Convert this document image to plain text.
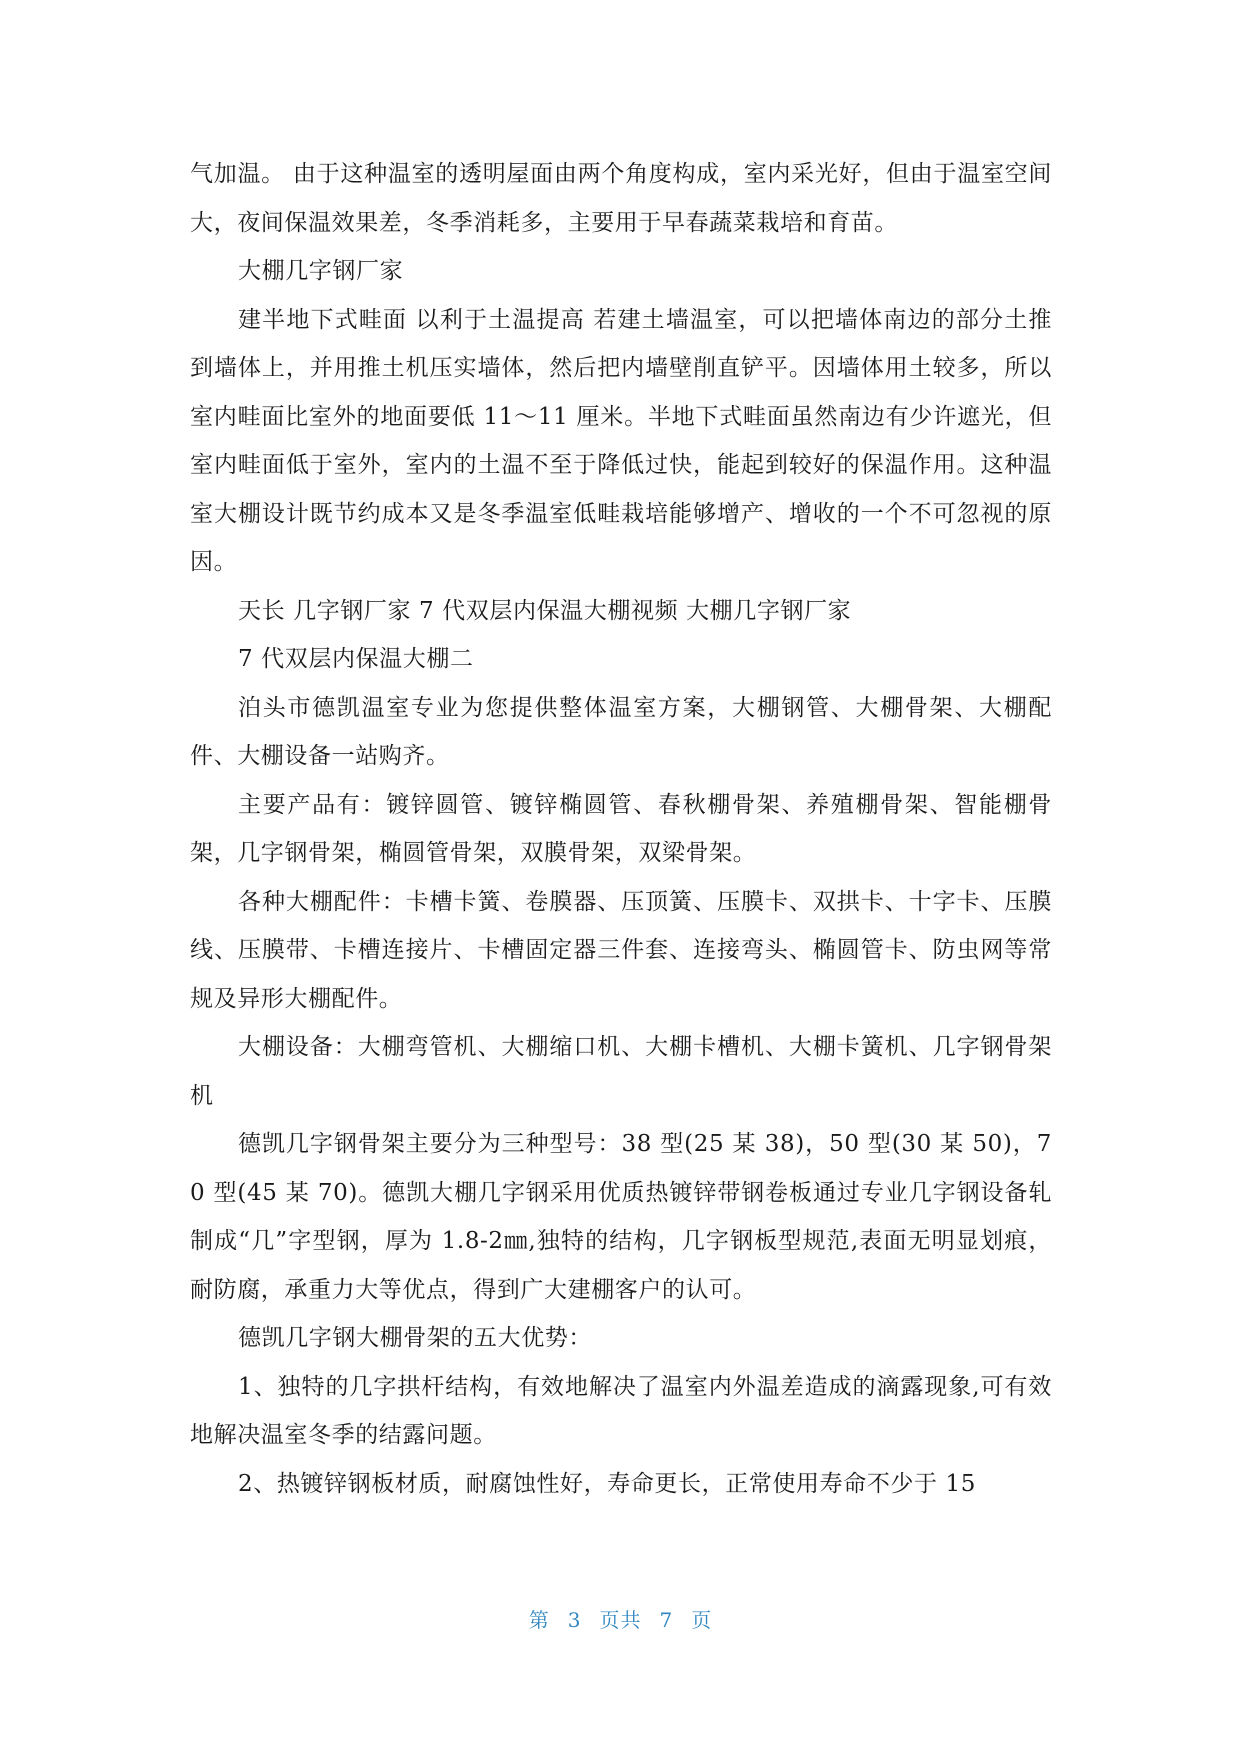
气加温。 由于这种温室的透明屋面由两个角度构成，室内采光好，但由于温室空间大，夜间保温效果差，冬季消耗多，主要用于早春蔬菜栽培和育苗。

大棚几字钢厂家

建半地下式畦面 以利于土温提高 若建土墙温室，可以把墙体南边的部分土推到墙体上，并用推土机压实墙体，然后把内墙壁削直铲平。因墙体用土较多，所以室内畦面比室外的地面要低 11～11 厘米。半地下式畦面虽然南边有少许遮光，但室内畦面低于室外，室内的土温不至于降低过快，能起到较好的保温作用。这种温室大棚设计既节约成本又是冬季温室低畦栽培能够增产、增收的一个不可忽视的原因。

天长 几字钢厂家 7 代双层内保温大棚视频 大棚几字钢厂家

7 代双层内保温大棚二

泊头市德凯温室专业为您提供整体温室方案，大棚钢管、大棚骨架、大棚配件、大棚设备一站购齐。

主要产品有：镀锌圆管、镀锌椭圆管、春秋棚骨架、养殖棚骨架、智能棚骨架，几字钢骨架，椭圆管骨架，双膜骨架，双梁骨架。

各种大棚配件：卡槽卡簧、卷膜器、压顶簧、压膜卡、双拱卡、十字卡、压膜线、压膜带、卡槽连接片、卡槽固定器三件套、连接弯头、椭圆管卡、防虫网等常规及异形大棚配件。

大棚设备：大棚弯管机、大棚缩口机、大棚卡槽机、大棚卡簧机、几字钢骨架机

德凯几字钢骨架主要分为三种型号：38 型(25 某 38)，50 型(30 某 50)，70 型(45 某 70)。德凯大棚几字钢采用优质热镀锌带钢卷板通过专业几字钢设备轧制成“几”字型钢，厚为 1.8-2㎜,独特的结构，几字钢板型规范,表面无明显划痕，耐防腐，承重力大等优点，得到广大建棚客户的认可。

德凯几字钢大棚骨架的五大优势：

1、独特的几字拱杆结构，有效地解决了温室内外温差造成的滴露现象,可有效地解决温室冬季的结露问题。

2、热镀锌钢板材质，耐腐蚀性好，寿命更长，正常使用寿命不少于 15

第 3 页共 7 页
